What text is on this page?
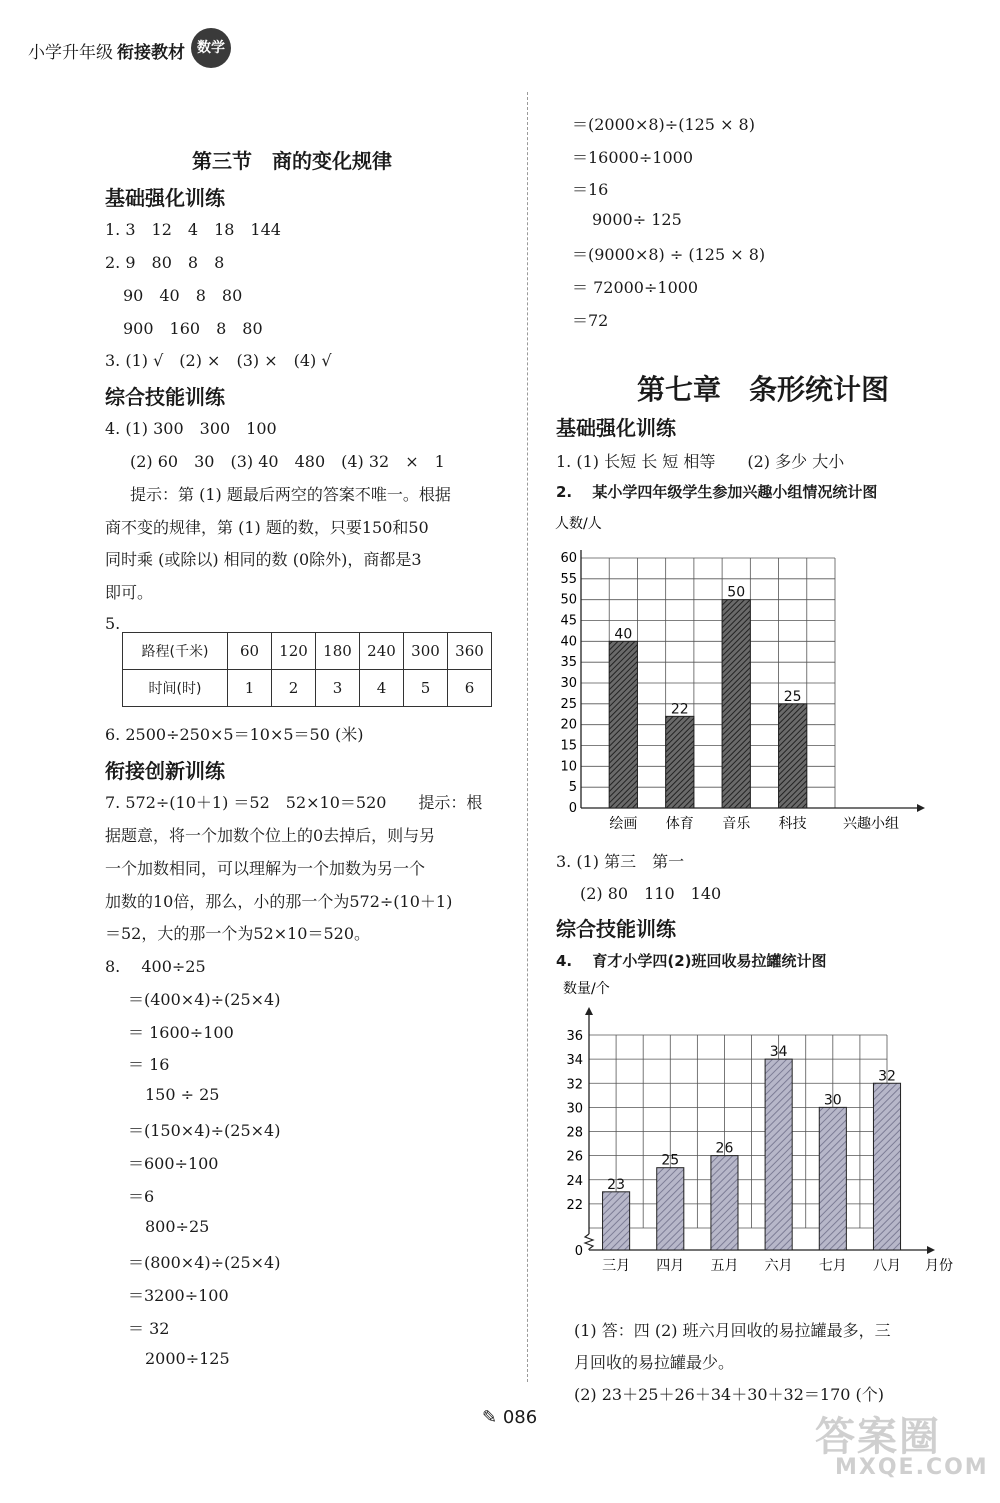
小学升年级 衔接教材 数学
第三节　商的变化规律
基础强化训练
1. 3　12　4　18　144
2. 9　80　8　8
90　40　8　80
900　160　8　80
3. (1) √　(2) ×　(3) ×　(4) √
综合技能训练
4. (1) 300　300　100
(2) 60　30　(3) 40　480　(4) 32　×　1
提示：第 (1) 题最后两空的答案不唯一。根据
商不变的规律，第 (1) 题的数，只要150和50
同时乘 (或除以) 相同的数 (0除外)，商都是3
即可。
5.
路程(千米)	60	120	180	240	300	360
时间(时)	1	2	3	4	5	6
6. 2500÷250×5＝10×5＝50 (米)
衔接创新训练
7. 572÷(10＋1) ＝52　52×10＝520　　提示：根
据题意，将一个加数个位上的0去掉后，则与另
一个加数相同，可以理解为一个加数为另一个
加数的10倍，那么，小的那一个为572÷(10＋1)
＝52，大的那一个为52×10＝520。
8.　 400÷25
＝(400×4)÷(25×4)
＝ 1600÷100
＝ 16
150 ÷ 25
＝(150×4)÷(25×4)
＝600÷100
＝6
800÷25
＝(800×4)÷(25×4)
＝3200÷100
＝ 32
2000÷125
＝(2000×8)÷(125 × 8)
＝16000÷1000
＝16
9000÷ 125
＝(9000×8) ÷ (125 × 8)
＝ 72000÷1000
＝72
第七章　条形统计图
基础强化训练
1. (1) 长短 长 短 相等　　(2) 多少 大小
2.　 某小学四年级学生参加兴趣小组情况统计图
人数/人
40
22
50
25
0
5
10
15
20
25
30
35
40
45
50
55
60
绘画 体育 音乐 科技	兴趣小组
3. (1) 第三　第一
(2) 80　110　140
综合技能训练
4.　 育才小学四(2)班回收易拉罐统计图
数量/个
23
25
26
34
30
32
0
22
24
26
28
30
32
34
36
三月 四月 五月 六月 七月 八月 月份
(1) 答：四 (2) 班六月回收的易拉罐最多，三
月回收的易拉罐最少。
(2) 23＋25＋26＋34＋30＋32＝170 (个)
✎ 086	答案圈
MXQE.COM
